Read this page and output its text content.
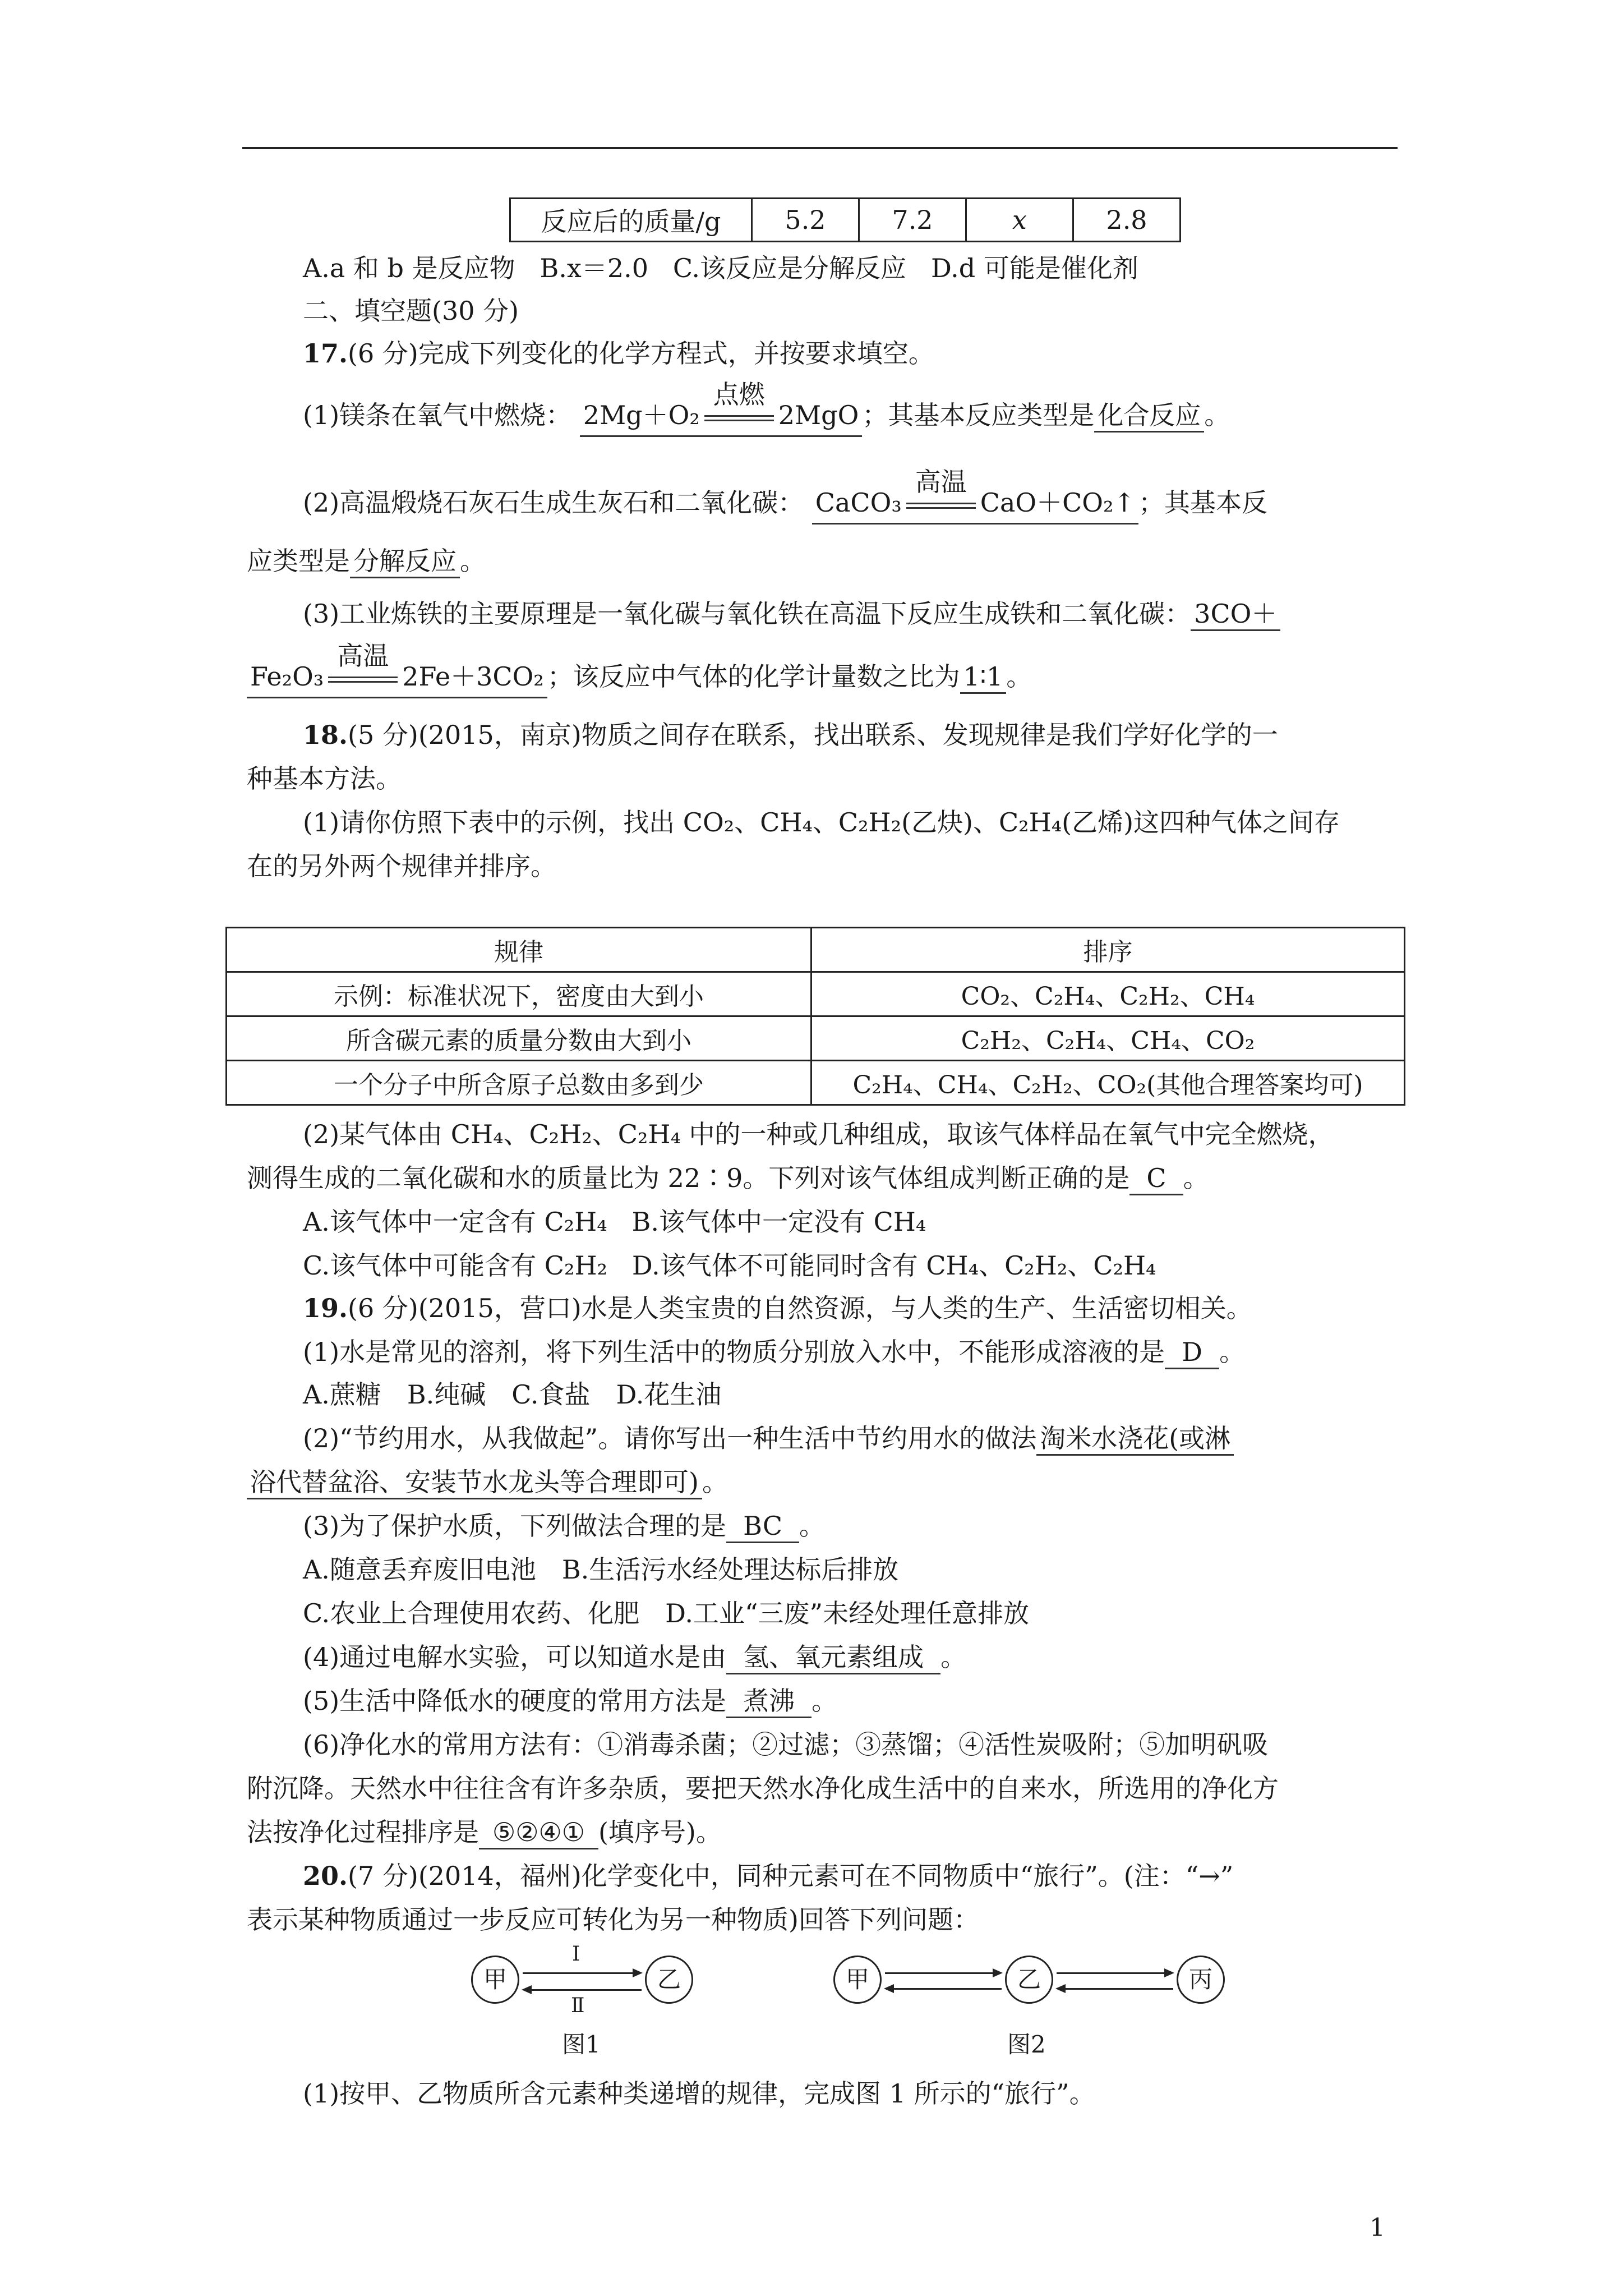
反应后的质量/g	5.2	7.2	x	2.8
A.a 和 b 是反应物 B.x＝2.0 C.该反应是分解反应 D.d 可能是催化剂
二、填空题(30 分)
17.(6 分)完成下列变化的化学方程式，并按要求填空。
(1)镁条在氧气中燃烧： 2Mg＋O₂
点燃
2MgO ；其基本反应类型是 化合反应 。
(2)高温煅烧石灰石生成生灰石和二氧化碳： CaCO₃
高温
CaO＋CO₂↑ ；其基本反
应类型是 分解反应 。
(3)工业炼铁的主要原理是一氧化碳与氧化铁在高温下反应生成铁和二氧化碳： 3CO＋
Fe₂O₃
高温
2Fe＋3CO₂ ；该反应中气体的化学计量数之比为 1∶1 。
18.(5 分)(2015，南京)物质之间存在联系，找出联系、发现规律是我们学好化学的一
种基本方法。
(1)请你仿照下表中的示例，找出 CO₂、CH₄、C₂H₂(乙炔)、C₂H₄(乙烯)这四种气体之间存
在的另外两个规律并排序。
规律	排序
示例：标准状况下，密度由大到小	CO₂、C₂H₄、C₂H₂、CH₄
所含碳元素的质量分数由大到小	C₂H₂、C₂H₄、CH₄、CO₂
一个分子中所含原子总数由多到少	C₂H₄、CH₄、C₂H₂、CO₂(其他合理答案均可)
(2)某气体由 CH₄、C₂H₂、C₂H₄ 中的一种或几种组成，取该气体样品在氧气中完全燃烧，
测得生成的二氧化碳和水的质量比为 22∶9。下列对该气体组成判断正确的是 C 。
A.该气体中一定含有 C₂H₄ B.该气体中一定没有 CH₄
C.该气体中可能含有 C₂H₂ D.该气体不可能同时含有 CH₄、C₂H₂、C₂H₄
19.(6 分)(2015，营口)水是人类宝贵的自然资源，与人类的生产、生活密切相关。
(1)水是常见的溶剂，将下列生活中的物质分别放入水中，不能形成溶液的是 D 。
A.蔗糖　B.纯碱　C.食盐　D.花生油
(2)“节约用水，从我做起”。请你写出一种生活中节约用水的做法 淘米水浇花(或淋
浴代替盆浴、安装节水龙头等合理即可) 。
(3)为了保护水质，下列做法合理的是 BC 。
A.随意丢弃废旧电池　B.生活污水经处理达标后排放
C.农业上合理使用农药、化肥　D.工业“三废”未经处理任意排放
(4)通过电解水实验，可以知道水是由 氢、氧元素组成 。
(5)生活中降低水的硬度的常用方法是 煮沸 。
(6)净化水的常用方法有：①消毒杀菌；②过滤；③蒸馏；④活性炭吸附；⑤加明矾吸
附沉降。天然水中往往含有许多杂质，要把天然水净化成生活中的自来水，所选用的净化方
法按净化过程排序是 ⑤②④① (填序号)。
20.(7 分)(2014，福州)化学变化中，同种元素可在不同物质中“旅行”。(注：“→”
表示某种物质通过一步反应可转化为另一种物质)回答下列问题：
甲	乙
Ⅰ
Ⅱ
图1
甲	乙	丙
图2
(1)按甲、乙物质所含元素种类递增的规律，完成图 1 所示的“旅行”。
1
